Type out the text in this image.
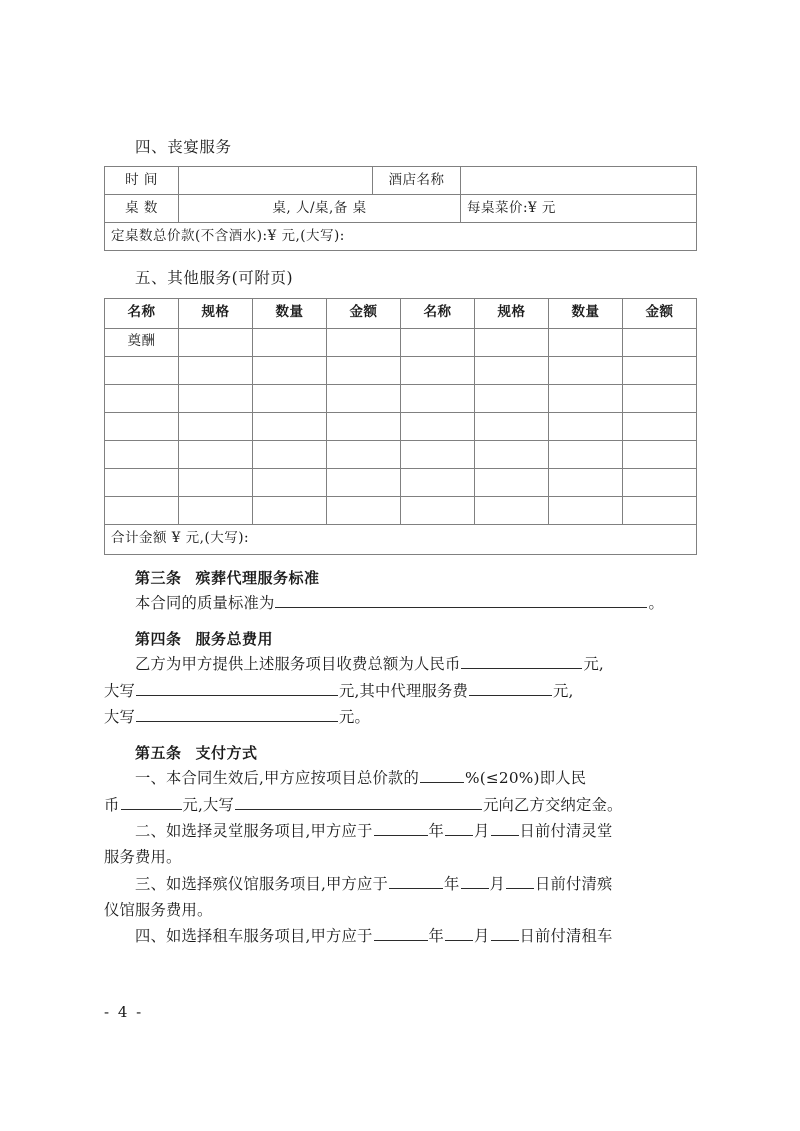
四、丧宴服务
时 间		酒店名称	
桌 数	桌, 人/桌,备 桌		每桌菜价:¥ 元
定桌数总价款(不含酒水):¥ 元,(大写):			
五、其他服务(可附页)
名称	规格	数量	金额	名称	规格	数量	金额
奠酬							

合计金额 ¥ 元,(大写):							
第三条 殡葬代理服务标准

本合同的质量标准为	。

第四条 服务总费用

乙方为甲方提供上述服务项目收费总额为人民币	元,

大写	元,其中代理服务费	元,

大写	元。

第五条 支付方式

一、本合同生效后,甲方应按项目总价款的	%(≤20%)即人民

币	元,大写	元向乙方交纳定金。

二、如选择灵堂服务项目,甲方应于	年 月 日前付清灵堂

服务费用。

三、如选择殡仪馆服务项目,甲方应于	年 月 日前付清殡

仪馆服务费用。

四、如选择租车服务项目,甲方应于	年 月 日前付清租车

- 4 -
